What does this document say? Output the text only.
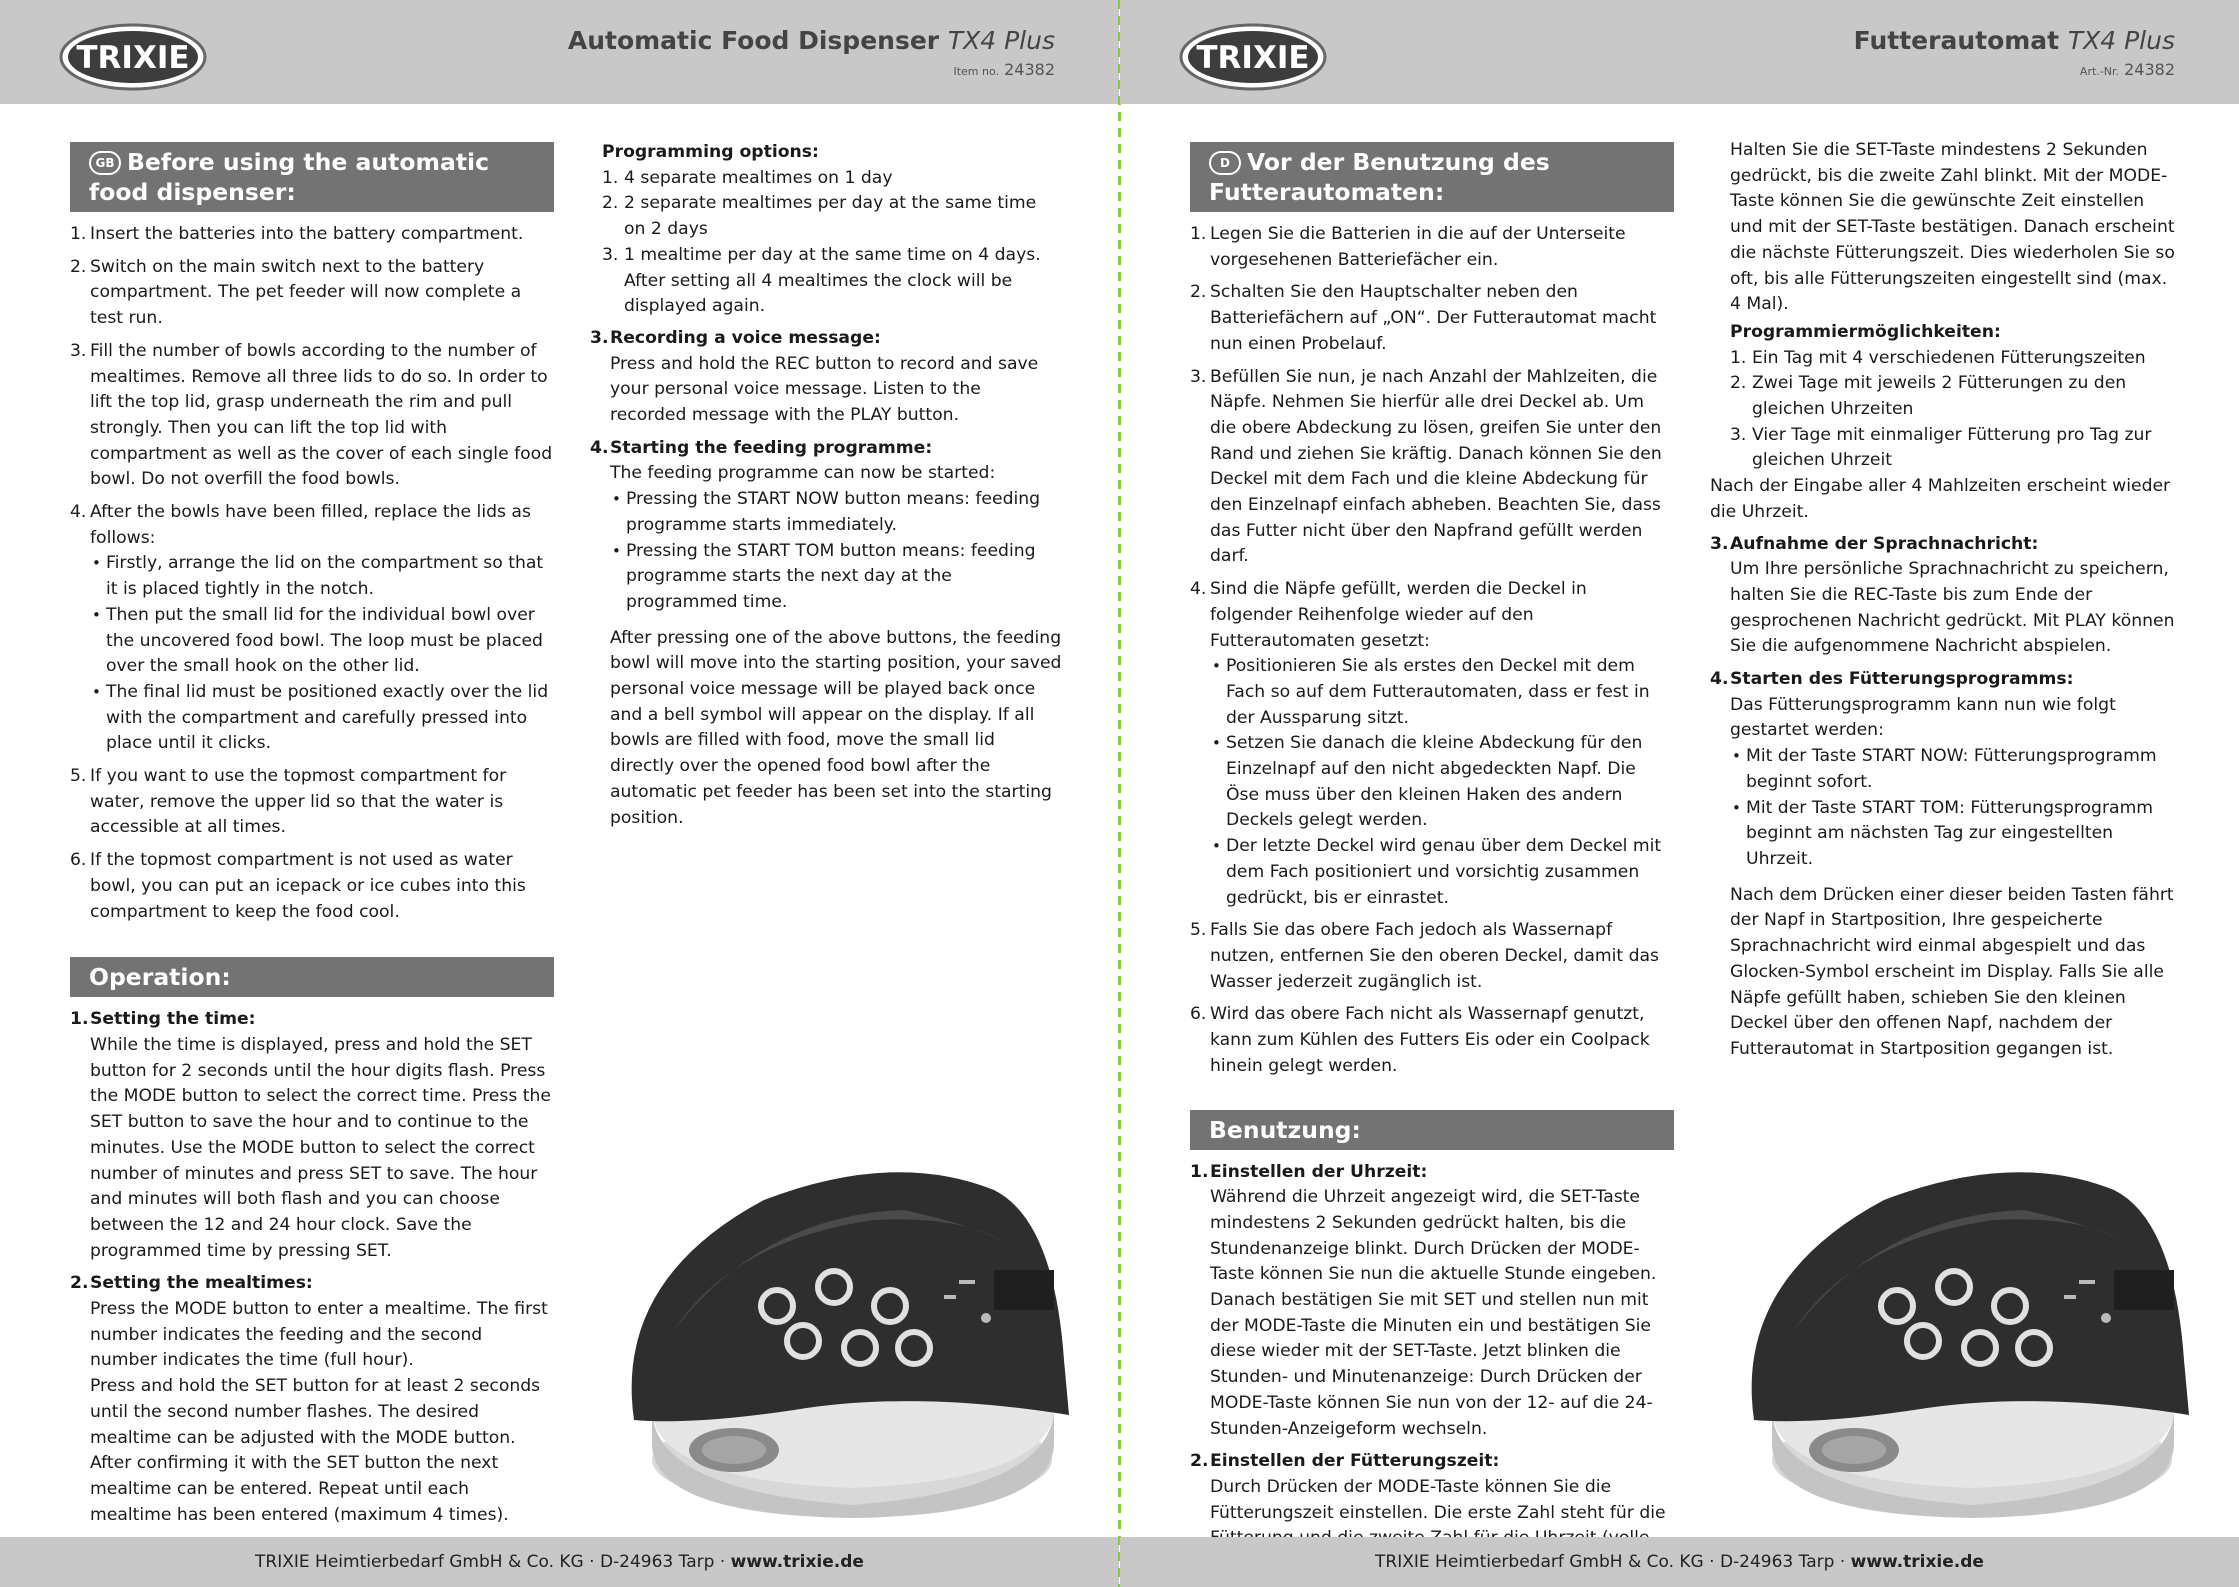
Automatic Food Dispenser TX4 Plus
Item no. 24382
GB Before using the automatic food dispenser:
1. Insert the batteries into the battery compartment.
2. Switch on the main switch next to the battery compartment. The pet feeder will now complete a test run.
3. Fill the number of bowls according to the number of mealtimes. Remove all three lids to do so. In order to lift the top lid, grasp underneath the rim and pull strongly. Then you can lift the top lid with compartment as well as the cover of each single food bowl. Do not overfill the food bowls.
4. After the bowls have been filled, replace the lids as follows:
• Firstly, arrange the lid on the compartment so that it is placed tightly in the notch.
• Then put the small lid for the individual bowl over the uncovered food bowl. The loop must be placed over the small hook on the other lid.
• The final lid must be positioned exactly over the lid with the compartment and carefully pressed into place until it clicks.
5. If you want to use the topmost compartment for water, remove the upper lid so that the water is accessible at all times.
6. If the topmost compartment is not used as water bowl, you can put an icepack or ice cubes into this compartment to keep the food cool.
Operation:
1. Setting the time:
While the time is displayed, press and hold the SET button for 2 seconds until the hour digits flash. Press the MODE button to select the correct time. Press the SET button to save the hour and to continue to the minutes. Use the MODE button to select the correct number of minutes and press SET to save. The hour and minutes will both flash and you can choose between the 12 and 24 hour clock. Save the programmed time by pressing SET.
2. Setting the mealtimes:
Press the MODE button to enter a mealtime. The first number indicates the feeding and the second number indicates the time (full hour).
Press and hold the SET button for at least 2 seconds until the second number flashes. The desired mealtime can be adjusted with the MODE button. After confirming it with the SET button the next mealtime can be entered. Repeat until each mealtime has been entered (maximum 4 times).
Programming options:
1. 4 separate mealtimes on 1 day
2. 2 separate mealtimes per day at the same time on 2 days
3. 1 mealtime per day at the same time on 4 days. After setting all 4 mealtimes the clock will be displayed again.
3. Recording a voice message:
Press and hold the REC button to record and save your personal voice message. Listen to the recorded message with the PLAY button.
4. Starting the feeding programme:
The feeding programme can now be started:
• Pressing the START NOW button means: feeding programme starts immediately.
• Pressing the START TOM button means: feeding programme starts the next day at the programmed time.
After pressing one of the above buttons, the feeding bowl will move into the starting position, your saved personal voice message will be played back once and a bell symbol will appear on the display. If all bowls are filled with food, move the small lid directly over the opened food bowl after the automatic pet feeder has been set into the starting position.
TRIXIE Heimtierbedarf GmbH & Co. KG · D-24963 Tarp · www.trixie.de
Futterautomat TX4 Plus
Art.-Nr. 24382
D Vor der Benutzung des Futterautomaten:
1. Legen Sie die Batterien in die auf der Unterseite vorgesehenen Batteriefächer ein.
2. Schalten Sie den Hauptschalter neben den Batteriefächern auf „ON“. Der Futterautomat macht nun einen Probelauf.
3. Befüllen Sie nun, je nach Anzahl der Mahlzeiten, die Näpfe. Nehmen Sie hierfür alle drei Deckel ab. Um die obere Abdeckung zu lösen, greifen Sie unter den Rand und ziehen Sie kräftig. Danach können Sie den Deckel mit dem Fach und die kleine Abdeckung für den Einzelnapf einfach abheben. Beachten Sie, dass das Futter nicht über den Napfrand gefüllt werden darf.
4. Sind die Näpfe gefüllt, werden die Deckel in folgender Reihenfolge wieder auf den Futterautomaten gesetzt:
• Positionieren Sie als erstes den Deckel mit dem Fach so auf dem Futterautomaten, dass er fest in der Aussparung sitzt.
• Setzen Sie danach die kleine Abdeckung für den Einzelnapf auf den nicht abgedeckten Napf. Die Öse muss über den kleinen Haken des andern Deckels gelegt werden.
• Der letzte Deckel wird genau über dem Deckel mit dem Fach positioniert und vorsichtig zusammen gedrückt, bis er einrastet.
5. Falls Sie das obere Fach jedoch als Wassernapf nutzen, entfernen Sie den oberen Deckel, damit das Wasser jederzeit zugänglich ist.
6. Wird das obere Fach nicht als Wassernapf genutzt, kann zum Kühlen des Futters Eis oder ein Coolpack hinein gelegt werden.
Benutzung:
1. Einstellen der Uhrzeit:
Während die Uhrzeit angezeigt wird, die SET-Taste mindestens 2 Sekunden gedrückt halten, bis die Stundenanzeige blinkt. Durch Drücken der MODE-Taste können Sie nun die aktuelle Stunde eingeben. Danach bestätigen Sie mit SET und stellen nun mit der MODE-Taste die Minuten ein und bestätigen Sie diese wieder mit der SET-Taste. Jetzt blinken die Stunden- und Minutenanzeige: Durch Drücken der MODE-Taste können Sie nun von der 12- auf die 24-Stunden-Anzeigeform wechseln.
2. Einstellen der Fütterungszeit:
Durch Drücken der MODE-Taste können Sie die Fütterungszeit einstellen. Die erste Zahl steht für die
Halten Sie die SET-Taste mindestens 2 Sekunden gedrückt, bis die zweite Zahl blinkt. Mit der MODE-Taste können Sie die gewünschte Zeit einstellen und mit der SET-Taste bestätigen. Danach erscheint die nächste Fütterungszeit. Dies wiederholen Sie so oft, bis alle Fütterungszeiten eingestellt sind (max. 4 Mal).
Programmiermöglichkeiten:
1. Ein Tag mit 4 verschiedenen Fütterungszeiten
2. Zwei Tage mit jeweils 2 Fütterungen zu den gleichen Uhrzeiten
3. Vier Tage mit einmaliger Fütterung pro Tag zur gleichen Uhrzeit
Nach der Eingabe aller 4 Mahlzeiten erscheint wieder die Uhrzeit.
3. Aufnahme der Sprachnachricht:
Um Ihre persönliche Sprachnachricht zu speichern, halten Sie die REC-Taste bis zum Ende der gesprochenen Nachricht gedrückt. Mit PLAY können Sie die aufgenommene Nachricht abspielen.
4. Starten des Fütterungsprogramms:
Das Fütterungsprogramm kann nun wie folgt gestartet werden:
• Mit der Taste START NOW: Fütterungsprogramm beginnt sofort.
• Mit der Taste START TOM: Fütterungsprogramm beginnt am nächsten Tag zur eingestellten Uhrzeit.
Nach dem Drücken einer dieser beiden Tasten fährt der Napf in Startposition, Ihre gespeicherte Sprachnachricht wird einmal abgespielt und das Glocken-Symbol erscheint im Display. Falls Sie alle Näpfe gefüllt haben, schieben Sie den kleinen Deckel über den offenen Napf, nachdem der Futterautomat in Startposition gegangen ist.
TRIXIE Heimtierbedarf GmbH & Co. KG · D-24963 Tarp · www.trixie.de
